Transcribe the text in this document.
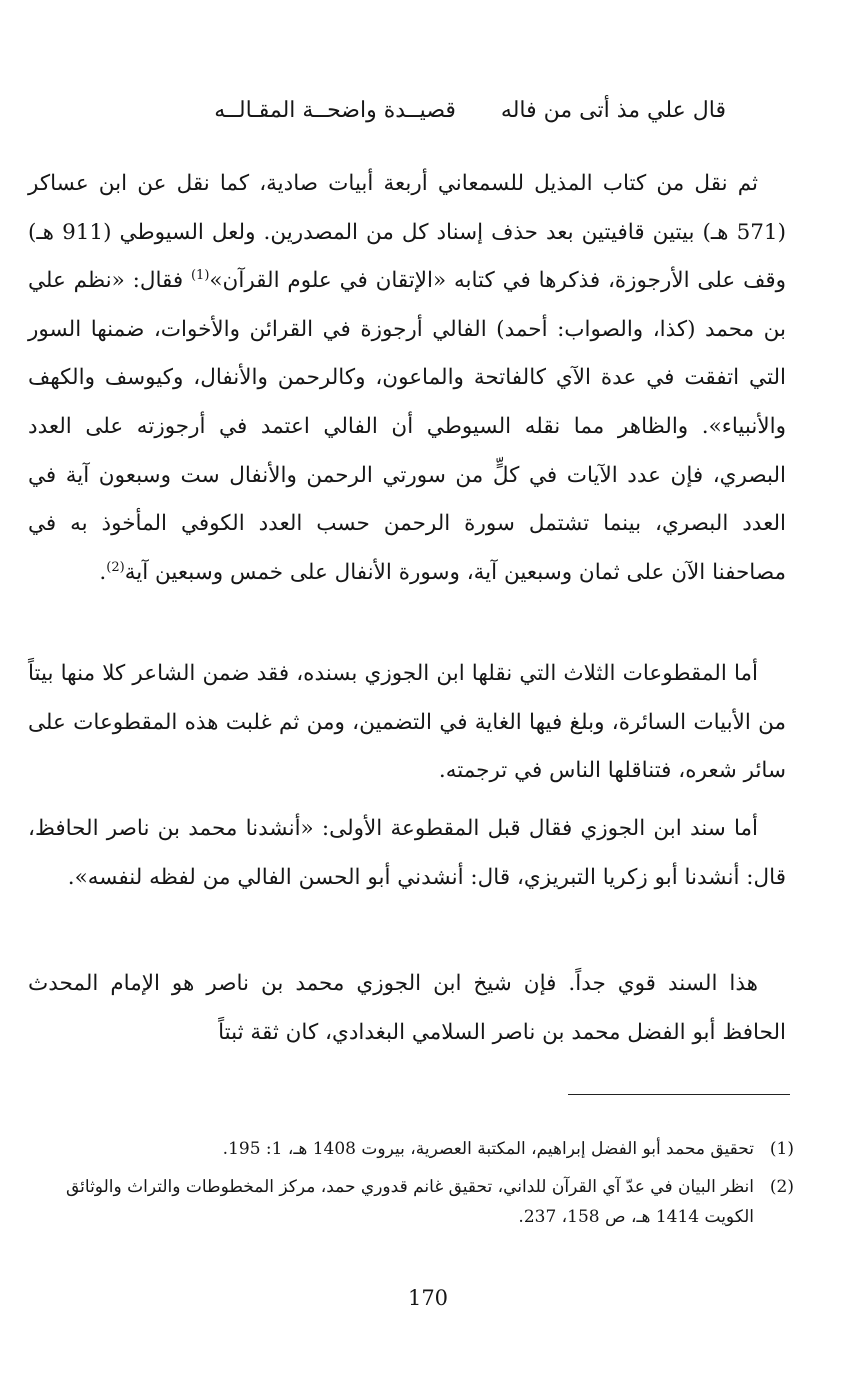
قال علي مذ أتى من فاله قصيــدة واضحــة المقـالــه

ثم نقل من كتاب المذيل للسمعاني أربعة أبيات صادية، كما نقل عن ابن عساكر (571 هـ) بيتين قافيتين بعد حذف إسناد كل من المصدرين. ولعل السيوطي (911 هـ) وقف على الأرجوزة، فذكرها في كتابه «الإتقان في علوم القرآن»$^{(1)}$ فقال: «نظم علي بن محمد (كذا، والصواب: أحمد) الفالي أرجوزة في القرائن والأخوات، ضمنها السور التي اتفقت في عدة الآي كالفاتحة والماعون، وكالرحمن والأنفال، وكيوسف والكهف والأنبياء». والظاهر مما نقله السيوطي أن الفالي اعتمد في أرجوزته على العدد البصري، فإن عدد الآيات في كلٍّ من سورتي الرحمن والأنفال ست وسبعون آية في العدد البصري، بينما تشتمل سورة الرحمن حسب العدد الكوفي المأخوذ به في مصاحفنا الآن على ثمان وسبعين آية، وسورة الأنفال على خمس وسبعين آية$^{(2)}$.

أما المقطوعات الثلاث التي نقلها ابن الجوزي بسنده، فقد ضمن الشاعر كلا منها بيتاً من الأبيات السائرة، وبلغ فيها الغاية في التضمين، ومن ثم غلبت هذه المقطوعات على سائر شعره، فتناقلها الناس في ترجمته.

أما سند ابن الجوزي فقال قبل المقطوعة الأولى: «أنشدنا محمد بن ناصر الحافظ، قال: أنشدنا أبو زكريا التبريزي، قال: أنشدني أبو الحسن الفالي من لفظه لنفسه».

هذا السند قوي جداً. فإن شيخ ابن الجوزي محمد بن ناصر هو الإمام المحدث الحافظ أبو الفضل محمد بن ناصر السلامي البغدادي، كان ثقة ثبتاً

(1)
تحقيق محمد أبو الفضل إبراهيم، المكتبة العصرية، بيروت 1408 هـ، 1: 195.
(2)
انظر البيان في عدّ آي القرآن للداني، تحقيق غانم قدوري حمد، مركز المخطوطات والتراث والوثائق الكويت 1414 هـ، ص 158، 237.
170
